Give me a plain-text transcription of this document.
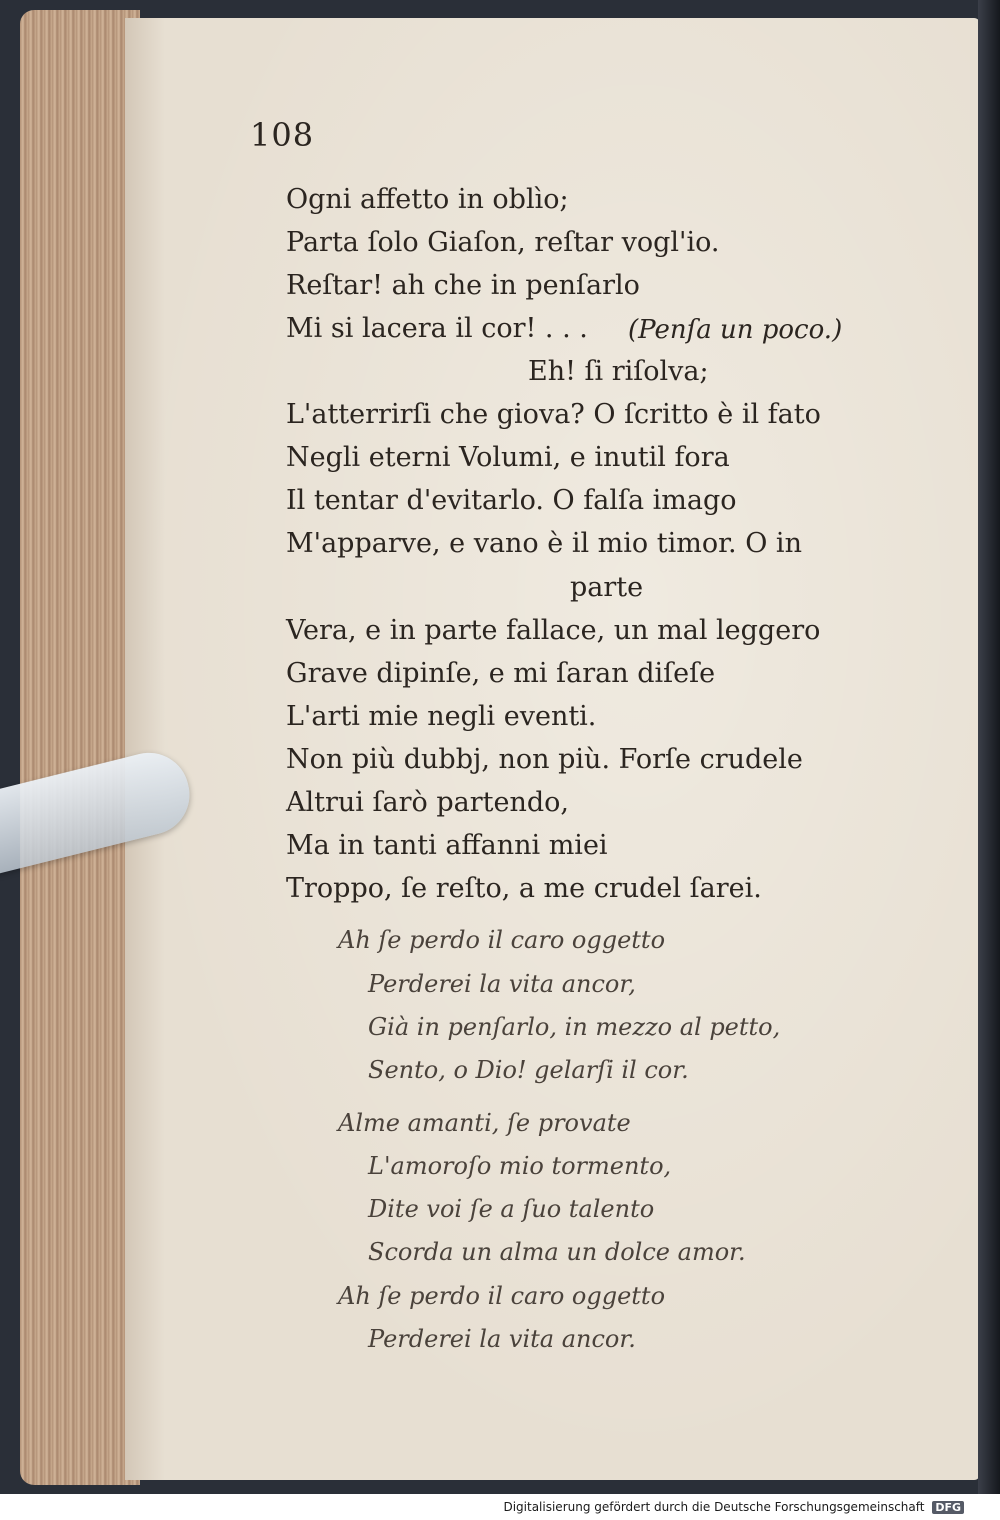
108
Ogni affetto in oblìo;
Parta ſolo Giaſon, reſtar vogl'io.
Reſtar! ah che in penſarlo
Mi si lacera il cor! . . . (Penſa un poco.)
Eh! ſi riſolva;
L'atterrirſi che giova? O ſcritto è il fato
Negli eterni Volumi, e inutil fora
Il tentar d'evitarlo. O falſa imago
M'apparve, e vano è il mio timor. O in
parte
Vera, e in parte fallace, un mal leggero
Grave dipinſe, e mi ſaran diſeſe
L'arti mie negli eventi.
Non più dubbj, non più. Forſe crudele
Altrui ſarò partendo,
Ma in tanti affanni miei
Troppo, ſe reſto, a me crudel ſarei.
Ah ſe perdo il caro oggetto
Perderei la vita ancor,
Già in penſarlo, in mezzo al petto,
Sento, o Dio! gelarſi il cor.
Alme amanti, ſe provate
L'amoroſo mio tormento,
Dite voi ſe a ſuo talento
Scorda un alma un dolce amor.
Ah ſe perdo il caro oggetto
Perderei la vita ancor.
Digitalisierung gefördert durch die Deutsche Forschungsgemeinschaft DFG
